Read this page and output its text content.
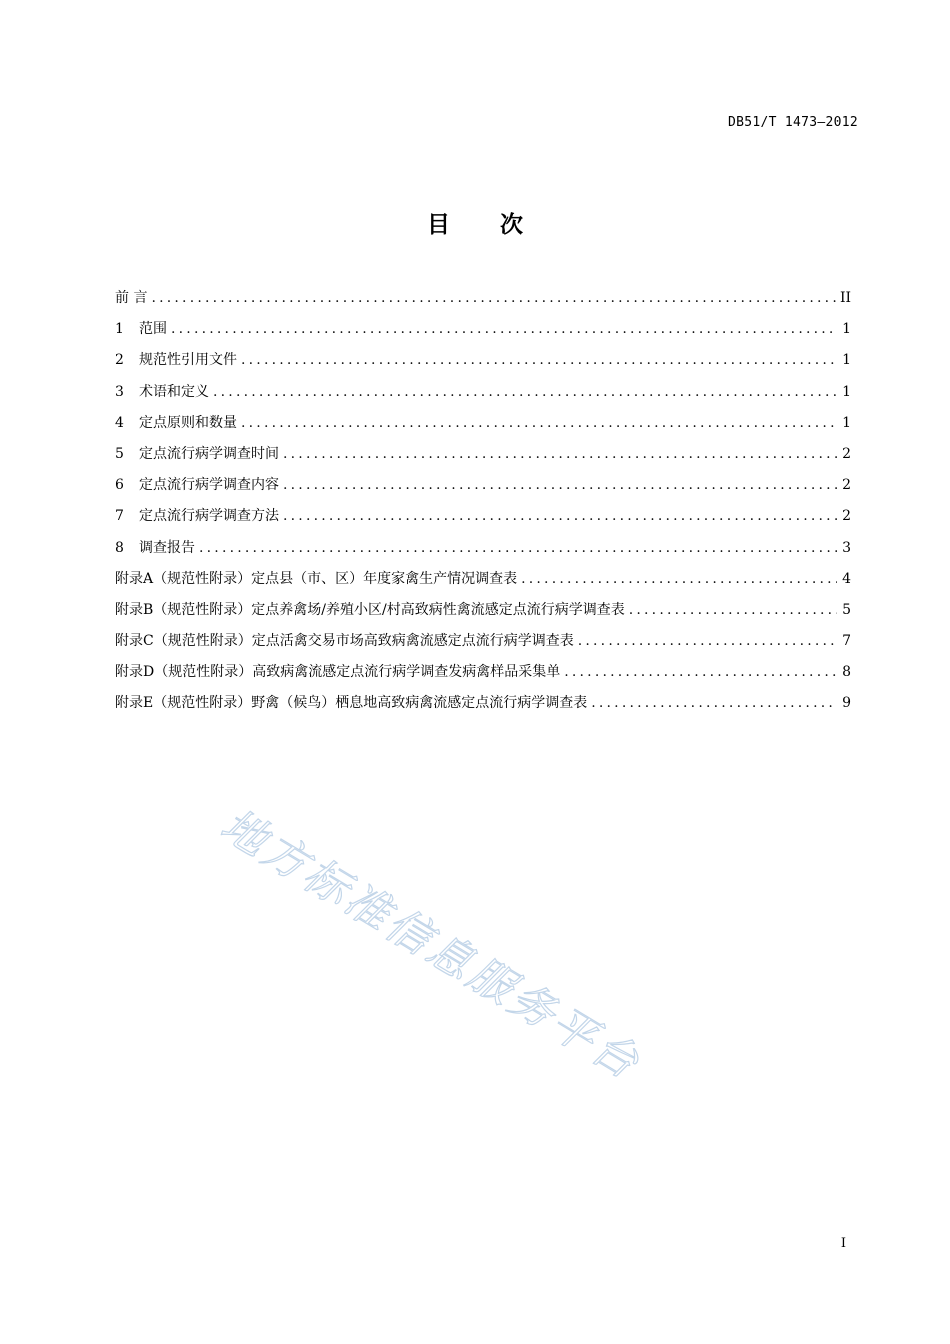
DB51/T 1473—2012
目 次
前 言 .....	II
1	范围 .....	1
2	规范性引用文件 .....	1
3	术语和定义 .....	1
4	定点原则和数量 .....	1
5	定点流行病学调查时间 .....	2
6	定点流行病学调查内容 .....	2
7	定点流行病学调查方法 .....	2
8	调查报告 .....	3
附录A（规范性附录）定点县（市、区）年度家禽生产情况调查表 .....	4
附录B（规范性附录）定点养禽场/养殖小区/村高致病性禽流感定点流行病学调查表 .....	5
附录C（规范性附录）定点活禽交易市场高致病禽流感定点流行病学调查表 .....	7
附录D（规范性附录）高致病禽流感定点流行病学调查发病禽样品采集单 .....	8
附录E（规范性附录）野禽（候鸟）栖息地高致病禽流感定点流行病学调查表 .....	9
地方标准信息服务平台
I
